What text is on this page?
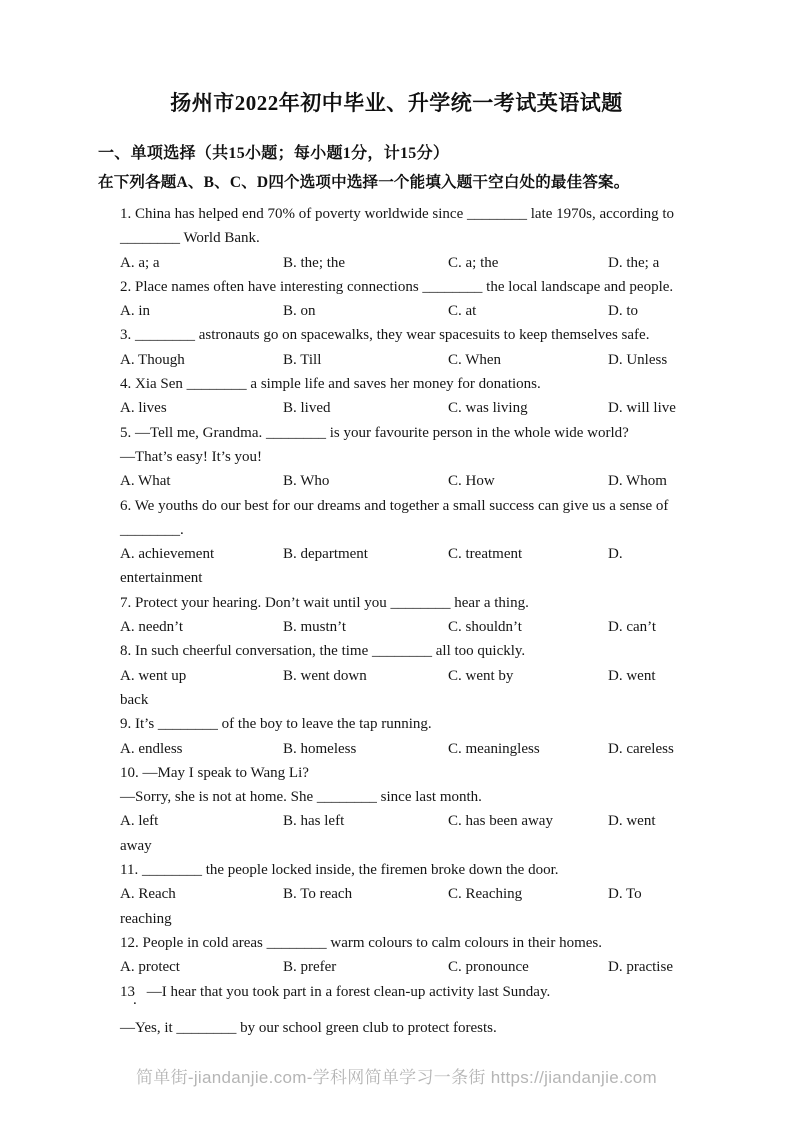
扬州市2022年初中毕业、升学统一考试英语试题
一、单项选择（共15小题；每小题1分，计15分）
在下列各题A、B、C、D四个选项中选择一个能填入题干空白处的最佳答案。

1. China has helped end 70% of poverty worldwide since ________ late 1970s, according to

________ World Bank.

A. a; a	B. the; the	C. a; the	D. the; a

2. Place names often have interesting connections ________ the local landscape and people.

A. in	B. on	C. at	D. to

3. ________ astronauts go on spacewalks, they wear spacesuits to keep themselves safe.

A. Though	B. Till	C. When	D. Unless

4. Xia Sen ________ a simple life and saves her money for donations.

A. lives	B. lived	C. was living	D. will live

5. —Tell me, Grandma. ________ is your favourite person in the whole wide world?

—That’s easy! It’s you!

A. What	B. Who	C. How	D. Whom

6. We youths do our best for our dreams and together a small success can give us a sense of

________.

A. achievement	B. department	C. treatment	D.

entertainment

7. Protect your hearing. Don’t wait until you ________ hear a thing.

A. needn’t	B. mustn’t	C. shouldn’t	D. can’t

8. In such cheerful conversation, the time ________ all too quickly.

A. went up	B. went down	C. went by	D. went

back

9. It’s ________ of the boy to leave the tap running.

A. endless	B. homeless	C. meaningless	D. careless

10. —May I speak to Wang Li?

—Sorry, she is not at home. She ________ since last month.

A. left	B. has left	C. has been away	D. went

away

11. ________ the people locked inside, the firemen broke down the door.

A. Reach	B. To reach	C. Reaching	D. To

reaching

12. People in cold areas ________ warm colours to calm colours in their homes.

A. protect	B. prefer	C. pronounce	D. practise

13. —I hear that you took part in a forest clean-up activity last Sunday.

—Yes, it ________ by our school green club to protect forests.

简单街-jiandanjie.com-学科网简单学习一条街 https://jiandanjie.com
